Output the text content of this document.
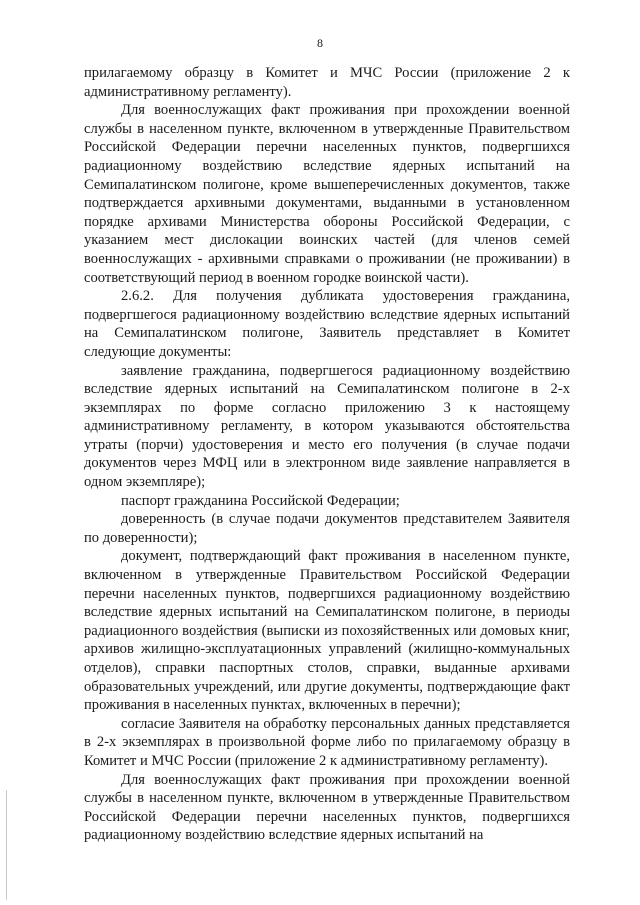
8

прилагаемому образцу в Комитет и МЧС России (приложение 2 к административному регламенту).

Для военнослужащих факт проживания при прохождении военной службы в населенном пункте, включенном в утвержденные Правительством Российской Федерации перечни населенных пунктов, подвергшихся радиационному воздействию вследствие ядерных испытаний на Семипалатинском полигоне, кроме вышеперечисленных документов, также подтверждается архивными документами, выданными в установленном порядке архивами Министерства обороны Российской Федерации, с указанием мест дислокации воинских частей (для членов семей военнослужащих - архивными справками о проживании (не проживании) в соответствующий период в военном городке воинской части).

2.6.2. Для получения дубликата удостоверения гражданина, подвергшегося радиационному воздействию вследствие ядерных испытаний на Семипалатинском полигоне, Заявитель представляет в Комитет следующие документы:

заявление гражданина, подвергшегося радиационному воздействию вследствие ядерных испытаний на Семипалатинском полигоне в 2-х экземплярах по форме согласно приложению 3 к настоящему административному регламенту, в котором указываются обстоятельства утраты (порчи) удостоверения и место его получения (в случае подачи документов через МФЦ или в электронном виде заявление направляется в одном экземпляре);

паспорт гражданина Российской Федерации;

доверенность (в случае подачи документов представителем Заявителя по доверенности);

документ, подтверждающий факт проживания в населенном пункте, включенном в утвержденные Правительством Российской Федерации перечни населенных пунктов, подвергшихся радиационному воздействию вследствие ядерных испытаний на Семипалатинском полигоне, в периоды радиационного воздействия (выписки из похозяйственных или домовых книг, архивов жилищно-эксплуатационных управлений (жилищно-коммунальных отделов), справки паспортных столов, справки, выданные архивами образовательных учреждений, или другие документы, подтверждающие факт проживания в населенных пунктах, включенных в перечни);

согласие Заявителя на обработку персональных данных представляется в 2-х экземплярах в произвольной форме либо по прилагаемому образцу в Комитет и МЧС России (приложение 2 к административному регламенту).

Для военнослужащих факт проживания при прохождении военной службы в населенном пункте, включенном в утвержденные Правительством Российской Федерации перечни населенных пунктов, подвергшихся радиационному воздействию вследствие ядерных испытаний на
